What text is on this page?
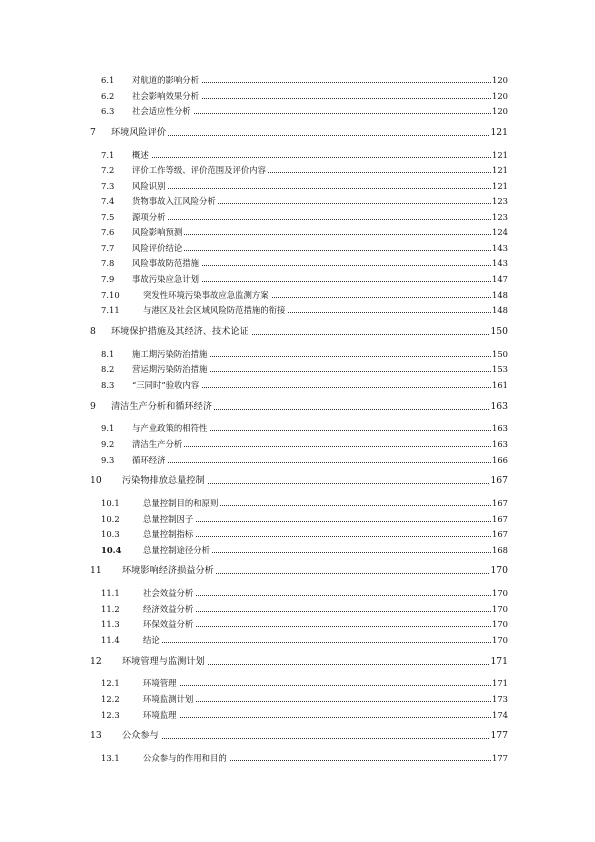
6.1 对航道的影响分析	120
6.2 社会影响效果分析	120
6.3 社会适应性分析	120
7 环境风险评价	121
7.1 概述	121
7.2 评价工作等级、评价范围及评价内容	121
7.3 风险识别	121
7.4 货物事故入江风险分析	123
7.5 源项分析	123
7.6 风险影响预测	124
7.7 风险评价结论	143
7.8 风险事故防范措施	143
7.9 事故污染应急计划	147
7.10	突发性环境污染事故应急监测方案	148
7.11	与港区及社会区域风险防范措施的衔接	148
8 环境保护措施及其经济、技术论证	150
8.1 施工期污染防治措施	150
8.2 营运期污染防治措施	153
8.3 “三同时”验收内容	161
9 清洁生产分析和循环经济	163
9.1 与产业政策的相符性	163
9.2 清洁生产分析	163
9.3 循环经济	166
10 污染物排放总量控制	167
10.1	总量控制目的和原则	167
10.2	总量控制因子	167
10.3	总量控制指标	167
10.4	总量控制途径分析	168
11 环境影响经济损益分析	170
11.1	社会效益分析	170
11.2	经济效益分析	170
11.3	环保效益分析	170
11.4	结论	170
12 环境管理与监测计划	171
12.1	环境管理	171
12.2	环境监测计划	173
12.3	环境监理	174
13 公众参与	177
13.1	公众参与的作用和目的	177
